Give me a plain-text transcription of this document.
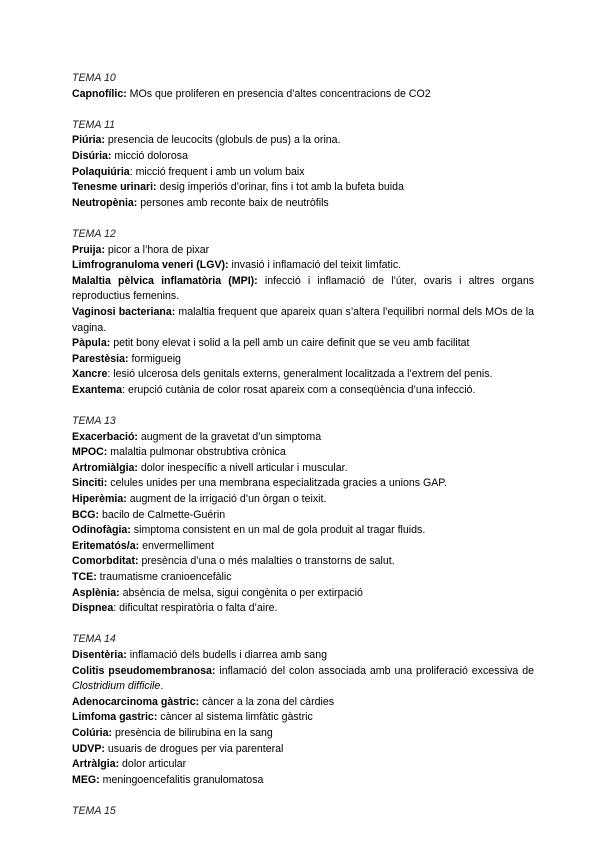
TEMA 10
Capnofílic: MOs que proliferen en presencia d’altes concentracions de CO2
TEMA 11
Piúria: presencia de leucocits (globuls de pus) a la orina.
Disúria: micció dolorosa
Polaquiúria: micció frequent i amb un volum baix
Tenesme urinari: desig imperiós d’orinar, fins i tot amb la bufeta buida
Neutropènia: persones amb reconte baix de neutròfils
TEMA 12
Pruija: picor a l’hora de pixar
Limfrogranuloma veneri (LGV): invasió i inflamació del teixit limfatic.
Malaltia pèlvica inflamatòria (MPI): infecció i inflamació de l’úter, ovaris i altres organs reproductius femenins.
Vaginosi bacteriana: malaltia frequent que apareix quan s’altera l’equilibri normal dels MOs de la vagina.
Pàpula: petit bony elevat i solid a la pell amb un caire definit que se veu amb facilitat
Parestèsia: formigueig
Xancre: lesió ulcerosa dels genitals externs, generalment localitzada a l’extrem del penis.
Exantema: erupció cutània de color rosat apareix com a conseqüència d’una infecció.
TEMA 13
Exacerbació: augment de la gravetat d’un simptoma
MPOC: malaltia pulmonar obstrubtiva crònica
Artromiàlgia: dolor inespecífic a nivell articular i muscular.
Sinciti: celules unides per una membrana especialitzada gracies a unions GAP.
Hiperèmia: augment de la irrigació d’un òrgan o teixit.
BCG: bacilo de Calmette-Guérin
Odinofàgia: simptoma consistent en un mal de gola produit al tragar fluids.
Eritematós/a: envermelliment
Comorbditat: presència d’una o més malalties o transtorns de salut.
TCE: traumatisme cranioencefàlic
Asplènia: absència de melsa, sigui congènita o per extirpació
Dispnea: dificultat respiratòria o falta d’aire.
TEMA 14
Disentèria: inflamació dels budells i diarrea amb sang
Colitis pseudomembranosa: inflamació del colon associada amb una proliferació excessiva de Clostridium difficile.
Adenocarcinoma gàstric: càncer a la zona del càrdies
Limfoma gastric: càncer al sistema limfàtic gàstric
Colúria: presència de bilirubina en la sang
UDVP: usuaris de drogues per via parenteral
Artràlgia: dolor articular
MEG: meningoencefalitis granulomatosa
TEMA 15
